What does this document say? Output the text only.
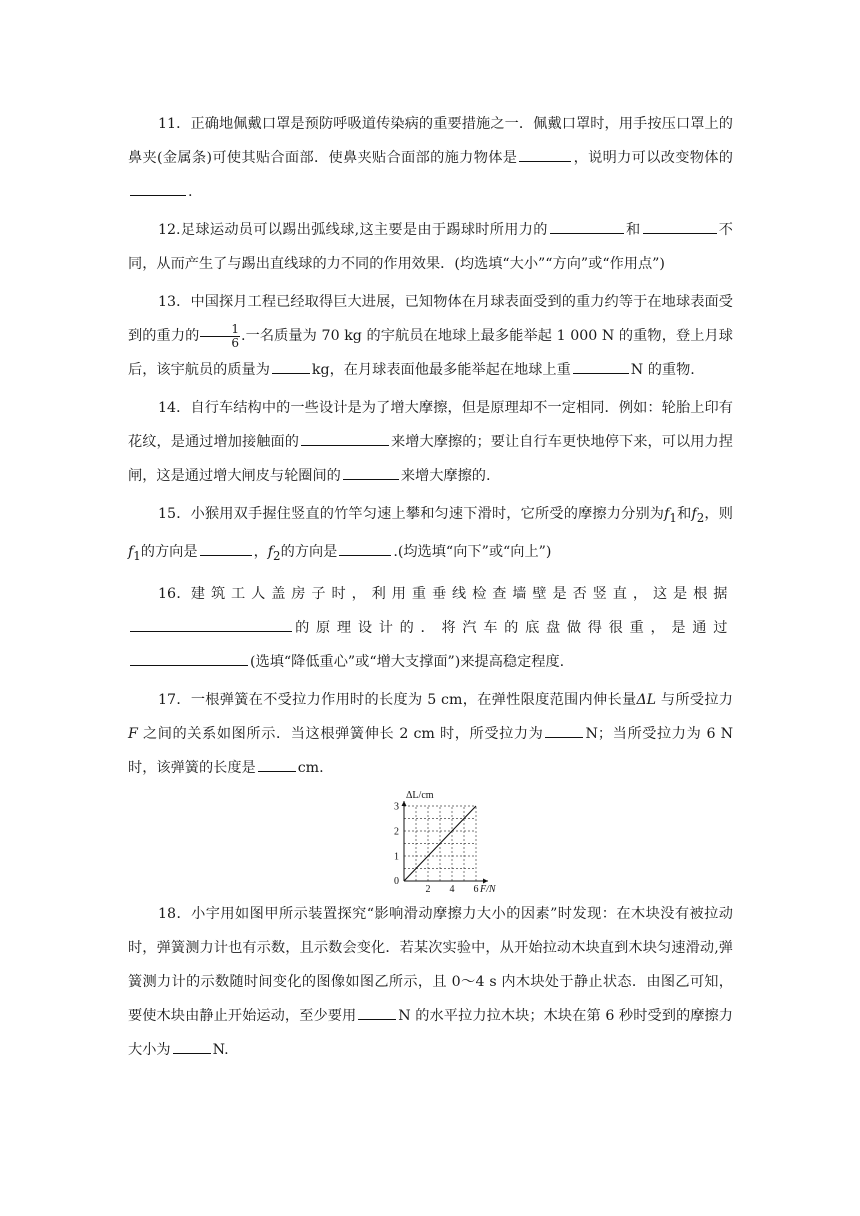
11．正确地佩戴口罩是预防呼吸道传染病的重要措施之一．佩戴口罩时，用手按压口罩上的鼻夹(金属条)可使其贴合面部．使鼻夹贴合面部的施力物体是	，说明力可以改变物体的.

12.足球运动员可以踢出弧线球,这主要是由于踢球时所用力的	和	不同，从而产生了与踢出直线球的力不同的作用效果．(均选填“大小”“方向”或“作用点”)

13．中国探月工程已经取得巨大进展，已知物体在月球表面受到的重力约等于在地球表面受到的重力的 $\frac{1}{6}$ .一名质量为 70 kg 的宇航员在地球上最多能举起 1 000 N 的重物，登上月球后，该宇航员的质量为	kg，在月球表面他最多能举起在地球上重	N 的重物.

14．自行车结构中的一些设计是为了增大摩擦，但是原理却不一定相同．例如：轮胎上印有花纹，是通过增加接触面的	来增大摩擦的；要让自行车更快地停下来，可以用力捏闸，这是通过增大闸皮与轮圈间的	来增大摩擦的.

15．小猴用双手握住竖直的竹竿匀速上攀和匀速下滑时，它所受的摩擦力分别为$f_1$和$f_2$，则$f_1$的方向是	，$f_2$的方向是	.(均选填“向下”或“向上”)

16．建筑工人盖房子时，利用重垂线检查墙壁是否竖直，这是根据的原理设计的．将汽车的底盘做得很重，是通过(选填“降低重心”或“增大支撑面”)来提高稳定程度.

17．一根弹簧在不受拉力作用时的长度为 5 cm，在弹性限度范围内伸长量ΔL 与所受拉力 F 之间的关系如图所示．当这根弹簧伸长 2 cm 时，所受拉力为	N；当所受拉力为 6 N 时，该弹簧的长度是	cm.

2 4 6
1
2
3
0
ΔL/cm
F/N

18．小宇用如图甲所示装置探究“影响滑动摩擦力大小的因素”时发现：在木块没有被拉动时，弹簧测力计也有示数，且示数会变化．若某次实验中，从开始拉动木块直到木块匀速滑动,弹簧测力计的示数随时间变化的图像如图乙所示，且 0～4 s 内木块处于静止状态．由图乙可知，要使木块由静止开始运动，至少要用	N 的水平拉力拉木块；木块在第 6 秒时受到的摩擦力大小为	N.
